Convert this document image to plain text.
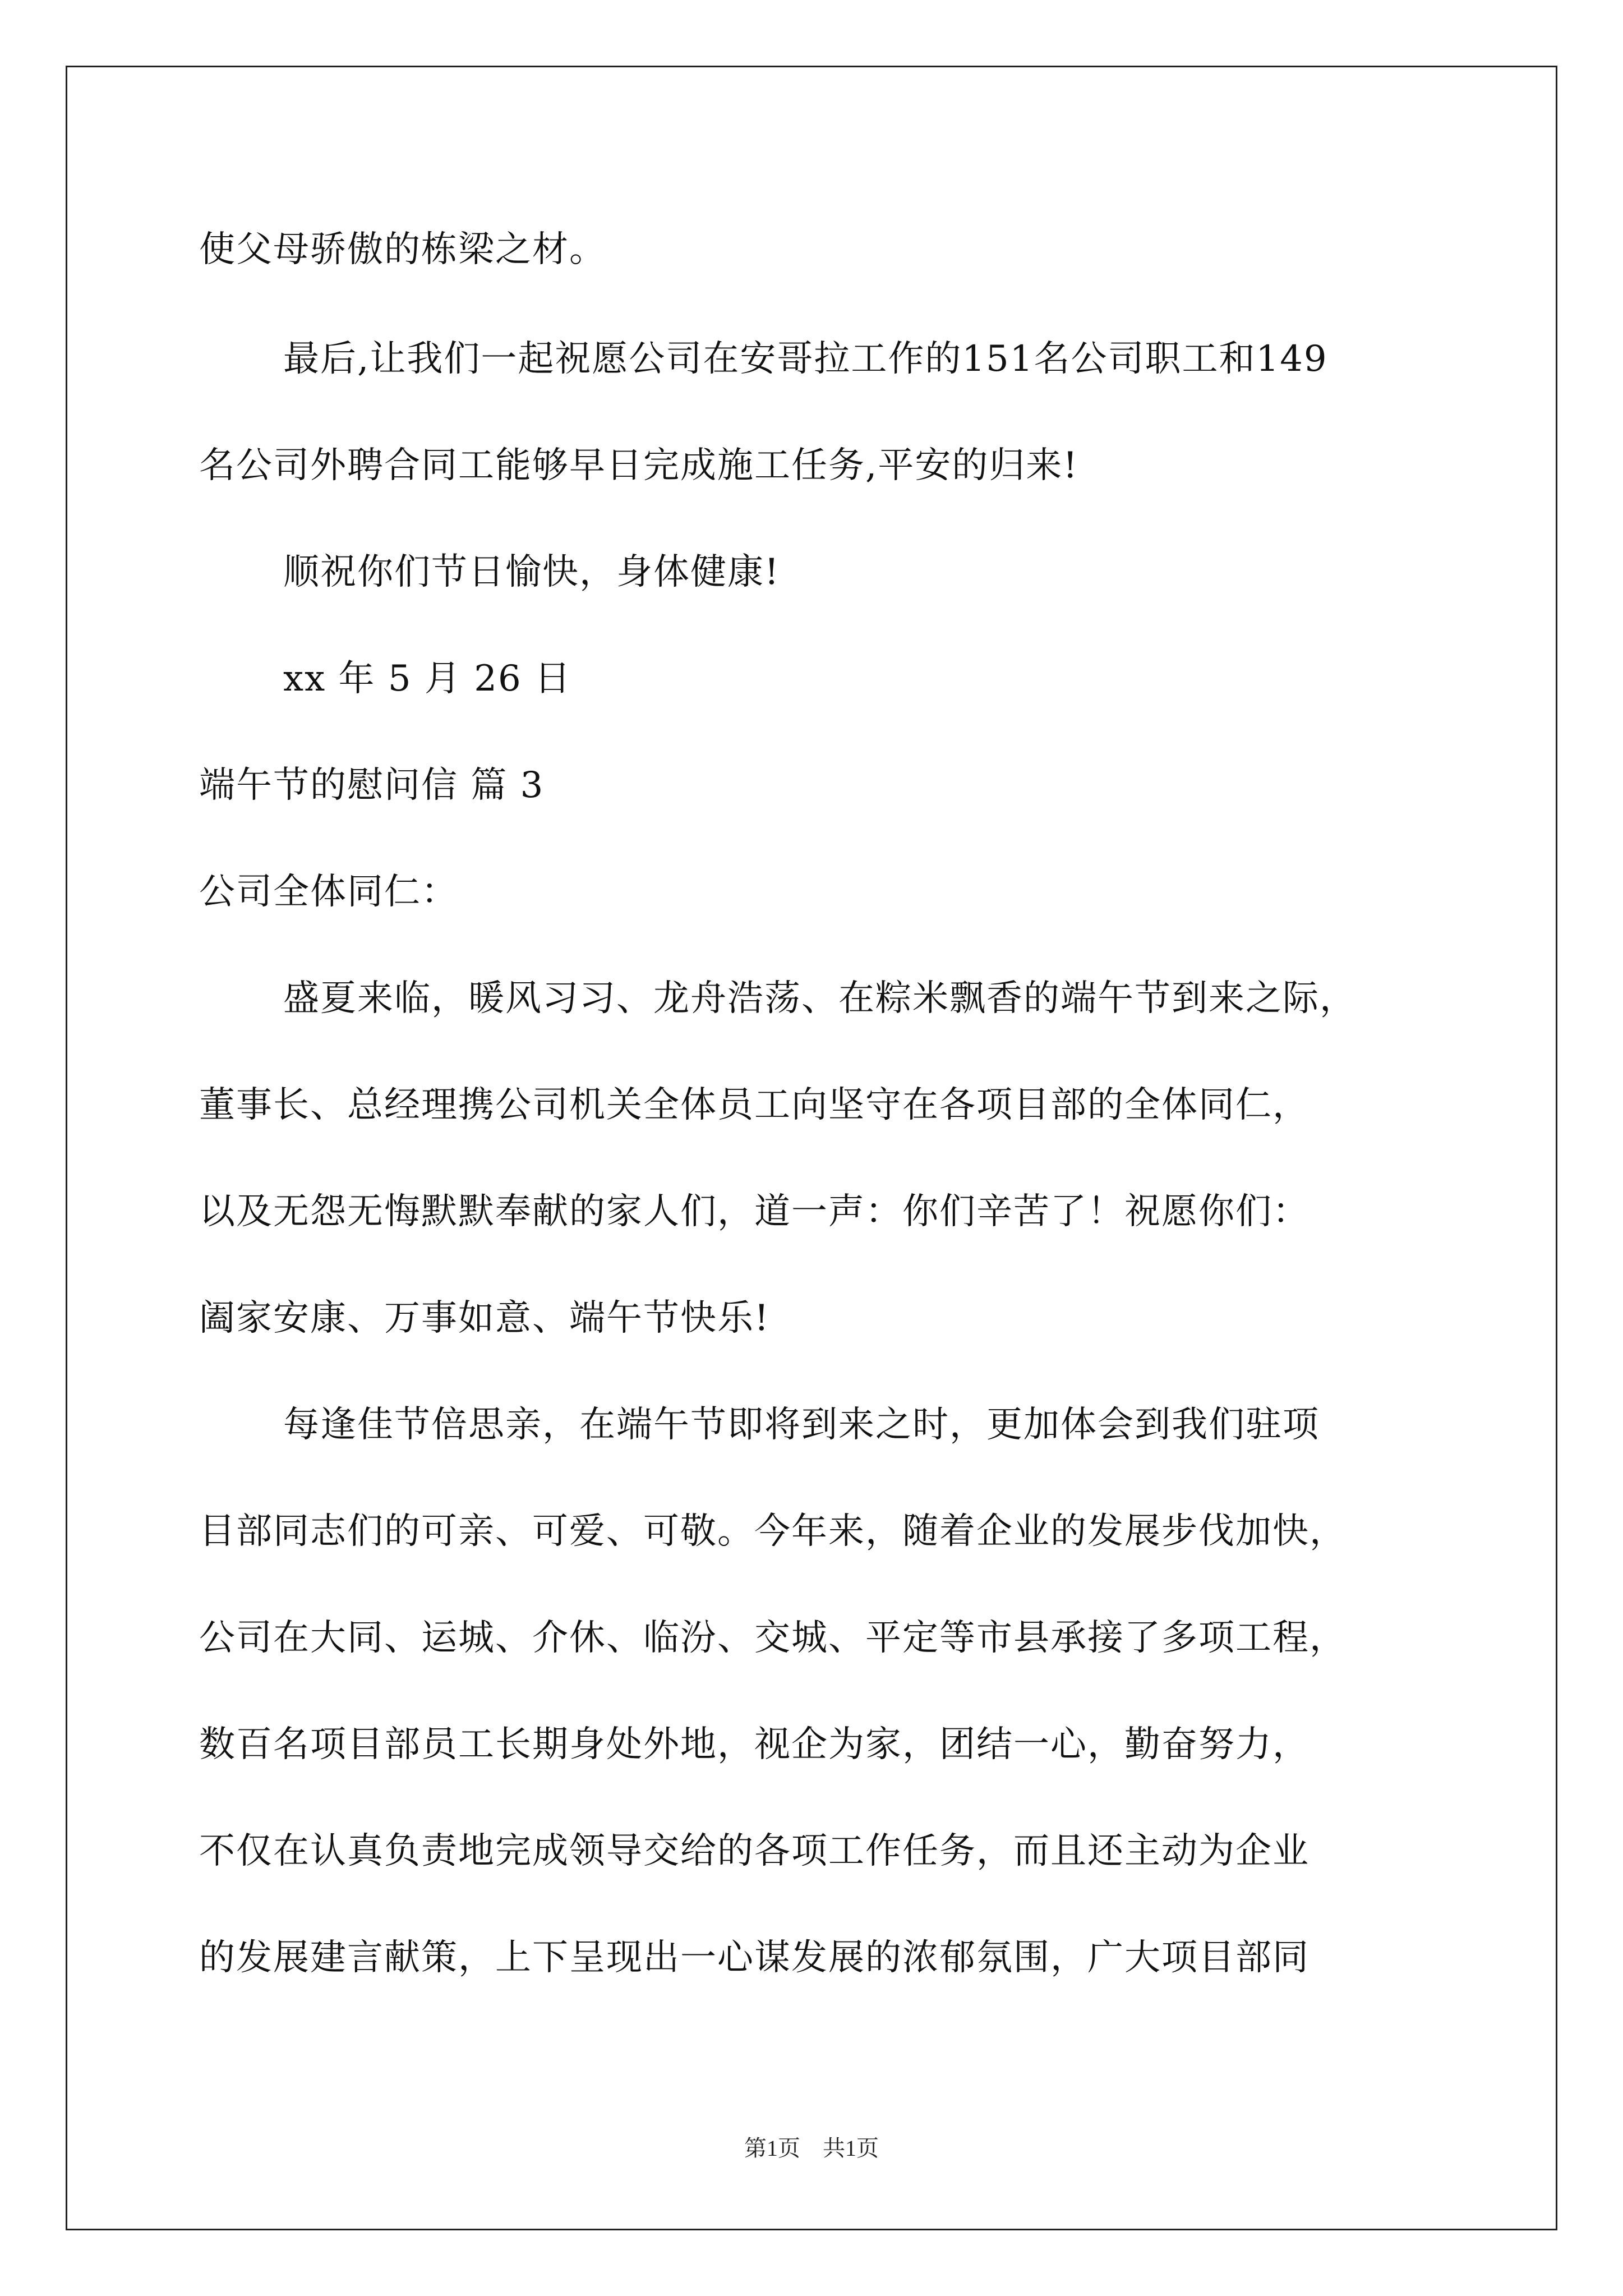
使父母骄傲的栋梁之材。
最后,让我们一起祝愿公司在安哥拉工作的151名公司职工和149
名公司外聘合同工能够早日完成施工任务,平安的归来!
顺祝你们节日愉快，身体健康!
xx 年 5 月 26 日
端午节的慰问信 篇 3
公司全体同仁：
盛夏来临，暖风习习、龙舟浩荡、在粽米飘香的端午节到来之际，
董事长、总经理携公司机关全体员工向坚守在各项目部的全体同仁，
以及无怨无悔默默奉献的家人们，道一声：你们辛苦了！祝愿你们：
阖家安康、万事如意、端午节快乐!
每逢佳节倍思亲，在端午节即将到来之时，更加体会到我们驻项
目部同志们的可亲、可爱、可敬。今年来，随着企业的发展步伐加快，
公司在大同、运城、介休、临汾、交城、平定等市县承接了多项工程，
数百名项目部员工长期身处外地，视企为家，团结一心，勤奋努力，
不仅在认真负责地完成领导交给的各项工作任务，而且还主动为企业
的发展建言献策，上下呈现出一心谋发展的浓郁氛围，广大项目部同
第1页 共1页
